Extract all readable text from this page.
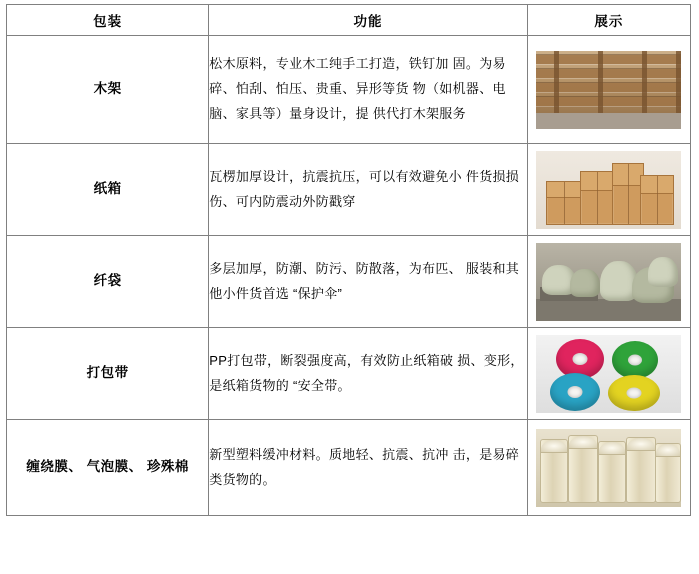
包装	功能	展示
木架	松木原料，专业木工纯手工打造，铁钉加 固。为易碎、怕刮、怕压、贵重、异形等货 物（如机器、电脑、家具等）量身设计，提 供代打木架服务	

纸箱	瓦楞加厚设计，抗震抗压，可以有效避免小 件货损损伤、可内防震动外防戳穿	

纤袋	多层加厚，防潮、防污、防散落，为布匹、 服装和其他小件货首选 “保护伞”	

打包带	PP打包带，断裂强度高，有效防止纸箱破 损、变形，是纸箱货物的 “安全带。	

缠绕膜、 气泡膜、 珍殊棉	新型塑料缓冲材料。质地轻、抗震、抗冲 击，是易碎类货物的。	
